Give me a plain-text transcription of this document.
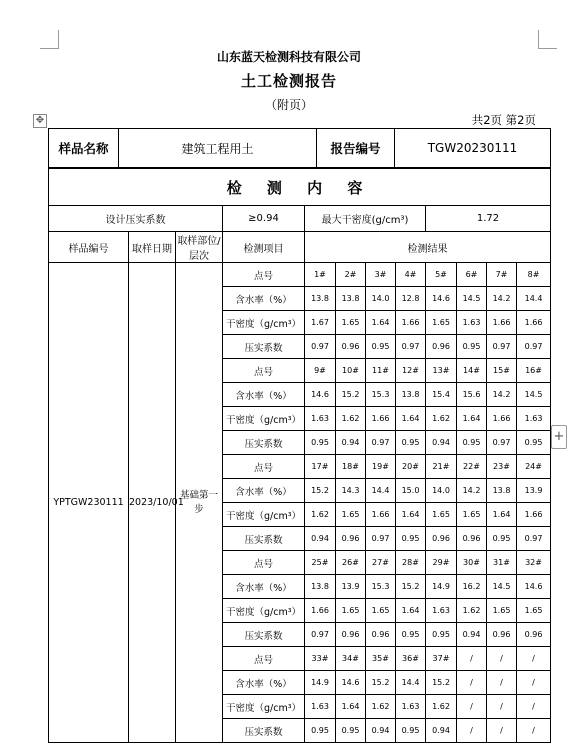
山东蓝天检测科技有限公司
土工检测报告
（附页）
✥	共2页 第2页
样品名称	建筑工程用土	报告编号	TGW20230111
检 测 内 容											
设计压实系数			≥0.94	最大干密度(g/cm³)				1.72			
样品编号	取样日期	取样部位/层次	检测项目	检测结果							
YPTGW230111	2023/10/01	基础第一步	点号	1#	2#	3#	4#	5#	6#	7#	8#
			含水率（%）	13.8	13.8	14.0	12.8	14.6	14.5	14.2	14.4
			干密度（g/cm³）	1.67	1.65	1.64	1.66	1.65	1.63	1.66	1.66
			压实系数	0.97	0.96	0.95	0.97	0.96	0.95	0.97	0.97
			点号	9#	10#	11#	12#	13#	14#	15#	16#
			含水率（%）	14.6	15.2	15.3	13.8	15.4	15.6	14.2	14.5
			干密度（g/cm³）	1.63	1.62	1.66	1.64	1.62	1.64	1.66	1.63
			压实系数	0.95	0.94	0.97	0.95	0.94	0.95	0.97	0.95
			点号	17#	18#	19#	20#	21#	22#	23#	24#
			含水率（%）	15.2	14.3	14.4	15.0	14.0	14.2	13.8	13.9
			干密度（g/cm³）	1.62	1.65	1.66	1.64	1.65	1.65	1.64	1.66
			压实系数	0.94	0.96	0.97	0.95	0.96	0.96	0.95	0.97
			点号	25#	26#	27#	28#	29#	30#	31#	32#
			含水率（%）	13.8	13.9	15.3	15.2	14.9	16.2	14.5	14.6
			干密度（g/cm³）	1.66	1.65	1.65	1.64	1.63	1.62	1.65	1.65
			压实系数	0.97	0.96	0.96	0.95	0.95	0.94	0.96	0.96
			点号	33#	34#	35#	36#	37#	/	/	/
			含水率（%）	14.9	14.6	15.2	14.4	15.2	/	/	/
			干密度（g/cm³）	1.63	1.64	1.62	1.63	1.62	/	/	/
			压实系数	0.95	0.95	0.94	0.95	0.94	/	/	/
+
